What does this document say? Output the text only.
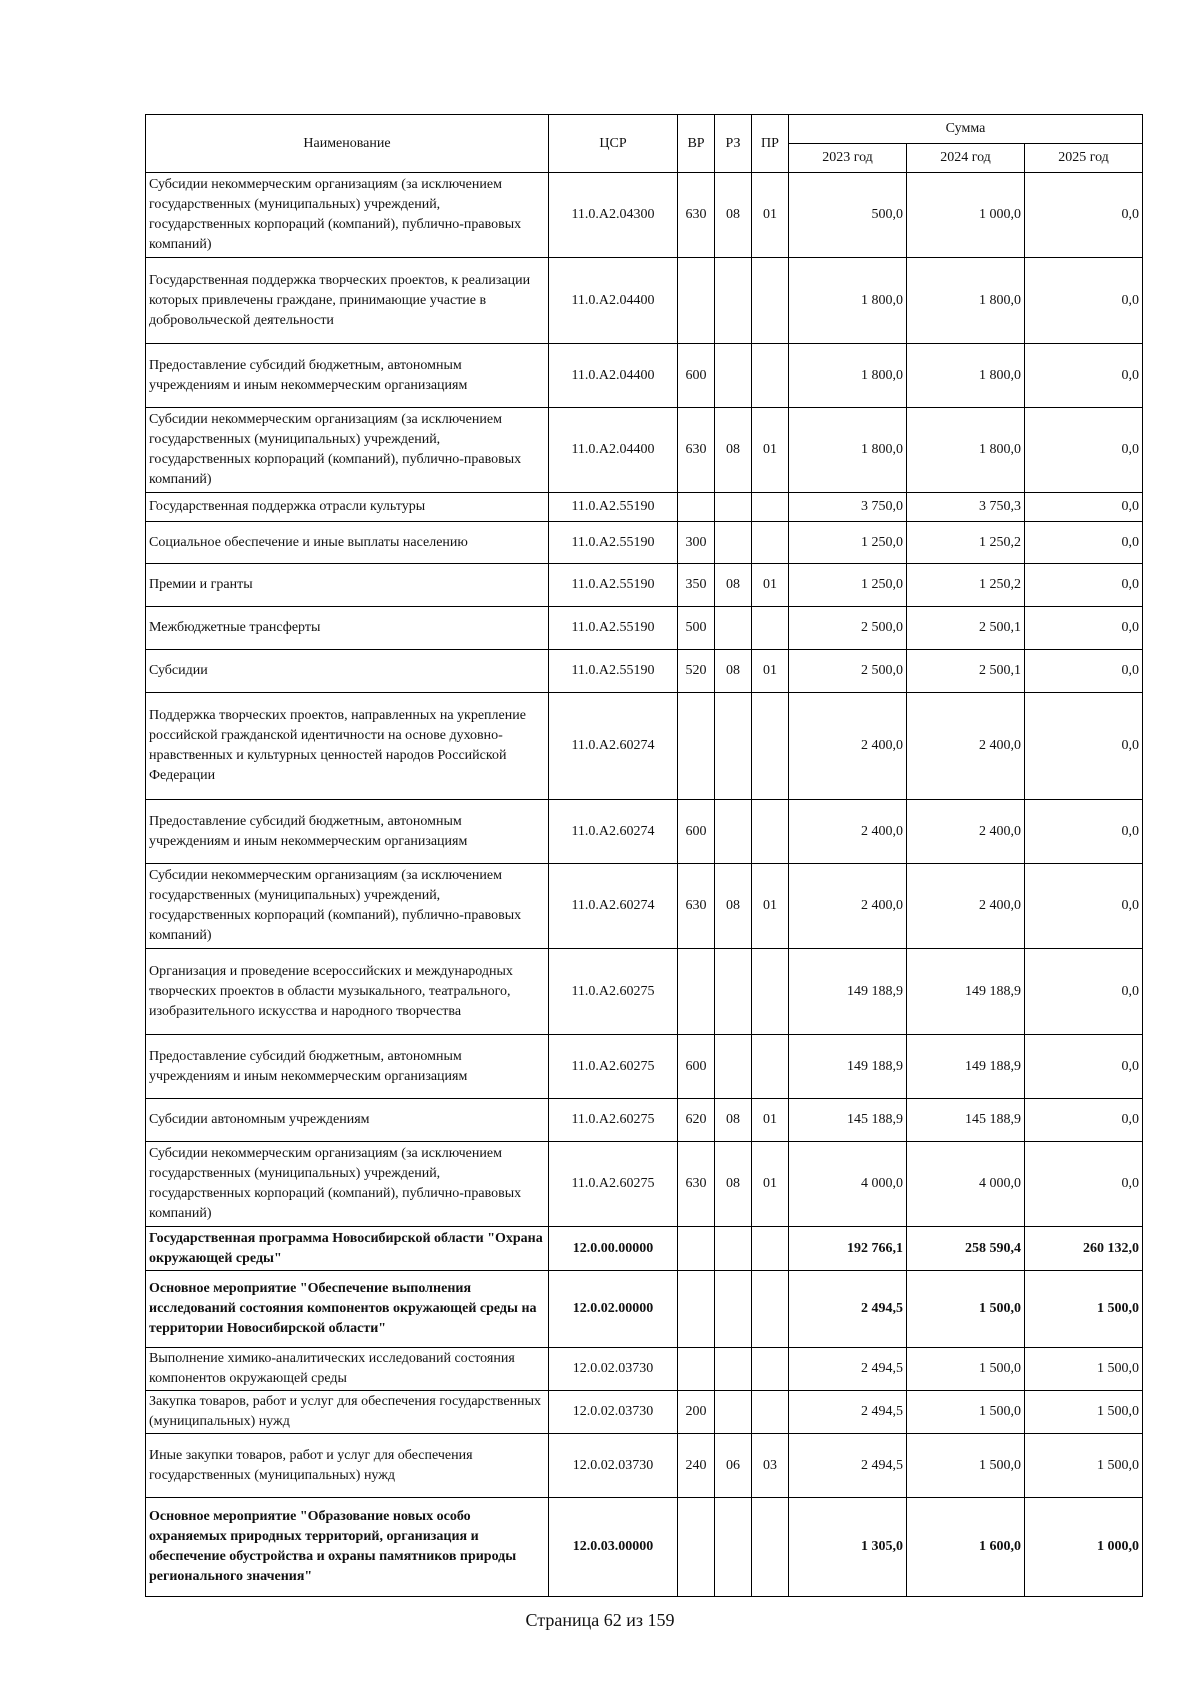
Наименование	ЦСР	ВР	РЗ	ПР	Сумма		
					2023 год	2024 год	2025 год
Субсидии некоммерческим организациям (за исключением государственных (муниципальных) учреждений, государственных корпораций (компаний), публично-правовых компаний)	11.0.А2.04300	630	08	01	500,0	1 000,0	0,0
Государственная поддержка творческих проектов, к реализации которых привлечены граждане, принимающие участие в добровольческой деятельности	11.0.А2.04400				1 800,0	1 800,0	0,0
Предоставление субсидий бюджетным, автономным учреждениям и иным некоммерческим организациям	11.0.А2.04400	600			1 800,0	1 800,0	0,0
Субсидии некоммерческим организациям (за исключением государственных (муниципальных) учреждений, государственных корпораций (компаний), публично-правовых компаний)	11.0.А2.04400	630	08	01	1 800,0	1 800,0	0,0
Государственная поддержка отрасли культуры	11.0.А2.55190				3 750,0	3 750,3	0,0
Социальное обеспечение и иные выплаты населению	11.0.А2.55190	300			1 250,0	1 250,2	0,0
Премии и гранты	11.0.А2.55190	350	08	01	1 250,0	1 250,2	0,0
Межбюджетные трансферты	11.0.А2.55190	500			2 500,0	2 500,1	0,0
Субсидии	11.0.А2.55190	520	08	01	2 500,0	2 500,1	0,0
Поддержка творческих проектов, направленных на укрепление российской гражданской идентичности на основе духовно-нравственных и культурных ценностей народов Российской Федерации	11.0.А2.60274				2 400,0	2 400,0	0,0
Предоставление субсидий бюджетным, автономным учреждениям и иным некоммерческим организациям	11.0.А2.60274	600			2 400,0	2 400,0	0,0
Субсидии некоммерческим организациям (за исключением государственных (муниципальных) учреждений, государственных корпораций (компаний), публично-правовых компаний)	11.0.А2.60274	630	08	01	2 400,0	2 400,0	0,0
Организация и проведение всероссийских и международных творческих проектов в области музыкального, театрального, изобразительного искусства и народного творчества	11.0.А2.60275				149 188,9	149 188,9	0,0
Предоставление субсидий бюджетным, автономным учреждениям и иным некоммерческим организациям	11.0.А2.60275	600			149 188,9	149 188,9	0,0
Субсидии автономным учреждениям	11.0.А2.60275	620	08	01	145 188,9	145 188,9	0,0
Субсидии некоммерческим организациям (за исключением государственных (муниципальных) учреждений, государственных корпораций (компаний), публично-правовых компаний)	11.0.А2.60275	630	08	01	4 000,0	4 000,0	0,0
Государственная программа Новосибирской области "Охрана окружающей среды"	12.0.00.00000				192 766,1	258 590,4	260 132,0
Основное мероприятие "Обеспечение выполнения исследований состояния компонентов окружающей среды на территории Новосибирской области"	12.0.02.00000				2 494,5	1 500,0	1 500,0
Выполнение химико-аналитических исследований состояния компонентов окружающей среды	12.0.02.03730				2 494,5	1 500,0	1 500,0
Закупка товаров, работ и услуг для обеспечения государственных (муниципальных) нужд	12.0.02.03730	200			2 494,5	1 500,0	1 500,0
Иные закупки товаров, работ и услуг для обеспечения государственных (муниципальных) нужд	12.0.02.03730	240	06	03	2 494,5	1 500,0	1 500,0
Основное мероприятие "Образование новых особо охраняемых природных территорий, организация и обеспечение обустройства и охраны памятников природы регионального значения"	12.0.03.00000				1 305,0	1 600,0	1 000,0
Страница 62 из 159
